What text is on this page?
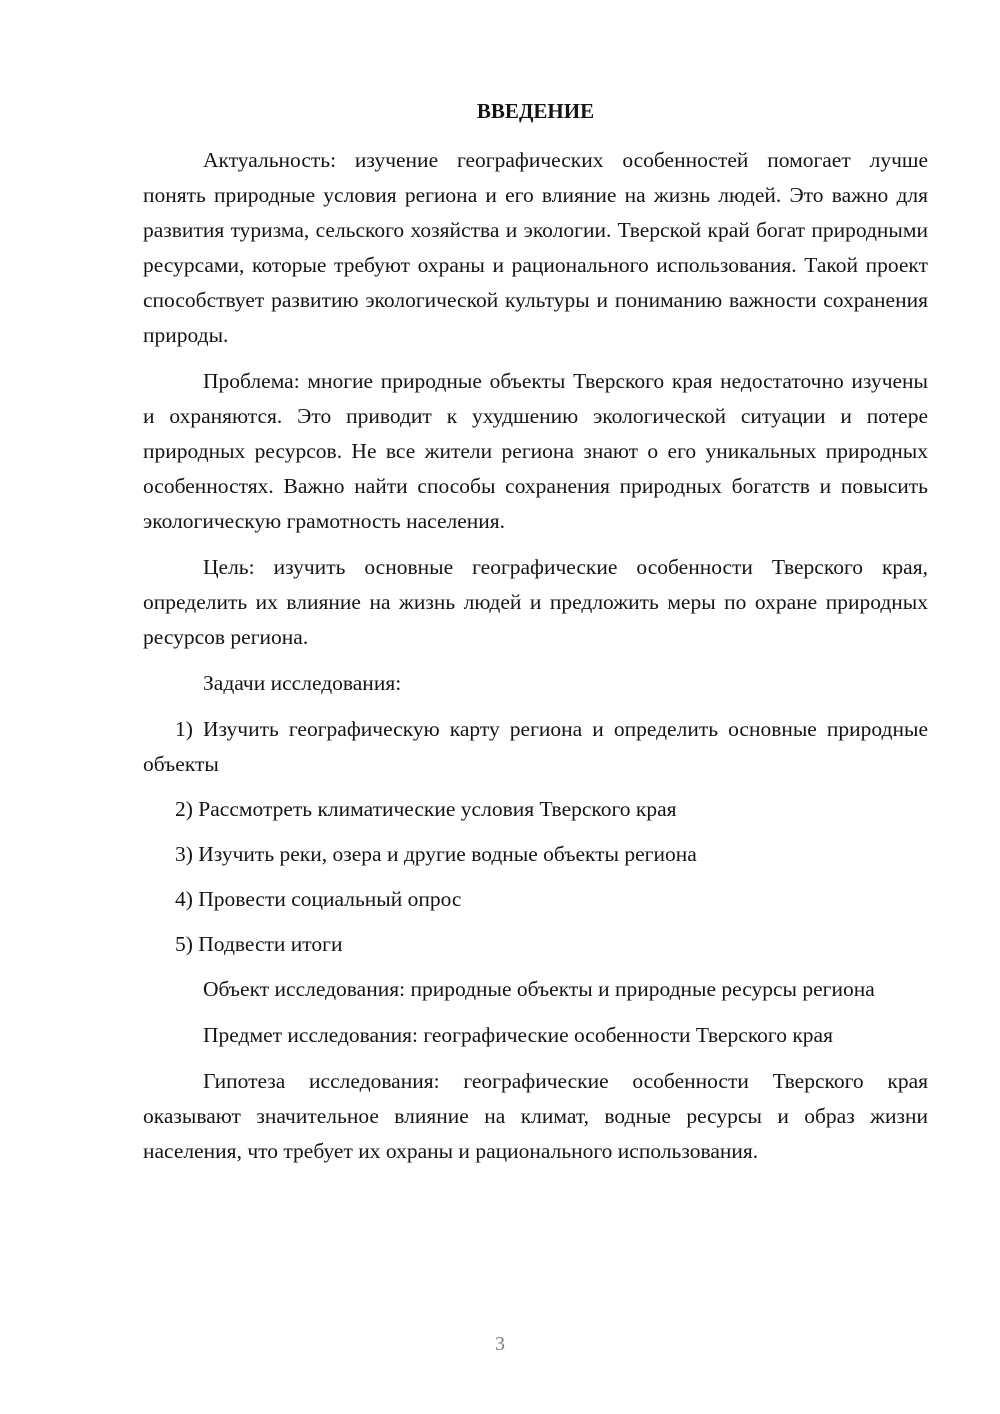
ВВЕДЕНИЕ

Актуальность: изучение географических особенностей помогает лучше понять природные условия региона и его влияние на жизнь людей. Это важно для развития туризма, сельского хозяйства и экологии. Тверской край богат природными ресурсами, которые требуют охраны и рационального использования. Такой проект способствует развитию экологической культуры и пониманию важности сохранения природы.

Проблема: многие природные объекты Тверского края недостаточно изучены и охраняются. Это приводит к ухудшению экологической ситуации и потере природных ресурсов. Не все жители региона знают о его уникальных природных особенностях. Важно найти способы сохранения природных богатств и повысить экологическую грамотность населения.

Цель: изучить основные географические особенности Тверского края, определить их влияние на жизнь людей и предложить меры по охране природных ресурсов региона.

Задачи исследования:

1) Изучить географическую карту региона и определить основные природные объекты

2) Рассмотреть климатические условия Тверского края

3) Изучить реки, озера и другие водные объекты региона

4) Провести социальный опрос

5) Подвести итоги

Объект исследования: природные объекты и природные ресурсы региона

Предмет исследования: географические особенности Тверского края

Гипотеза исследования: географические особенности Тверского края оказывают значительное влияние на климат, водные ресурсы и образ жизни населения, что требует их охраны и рационального использования.

3
